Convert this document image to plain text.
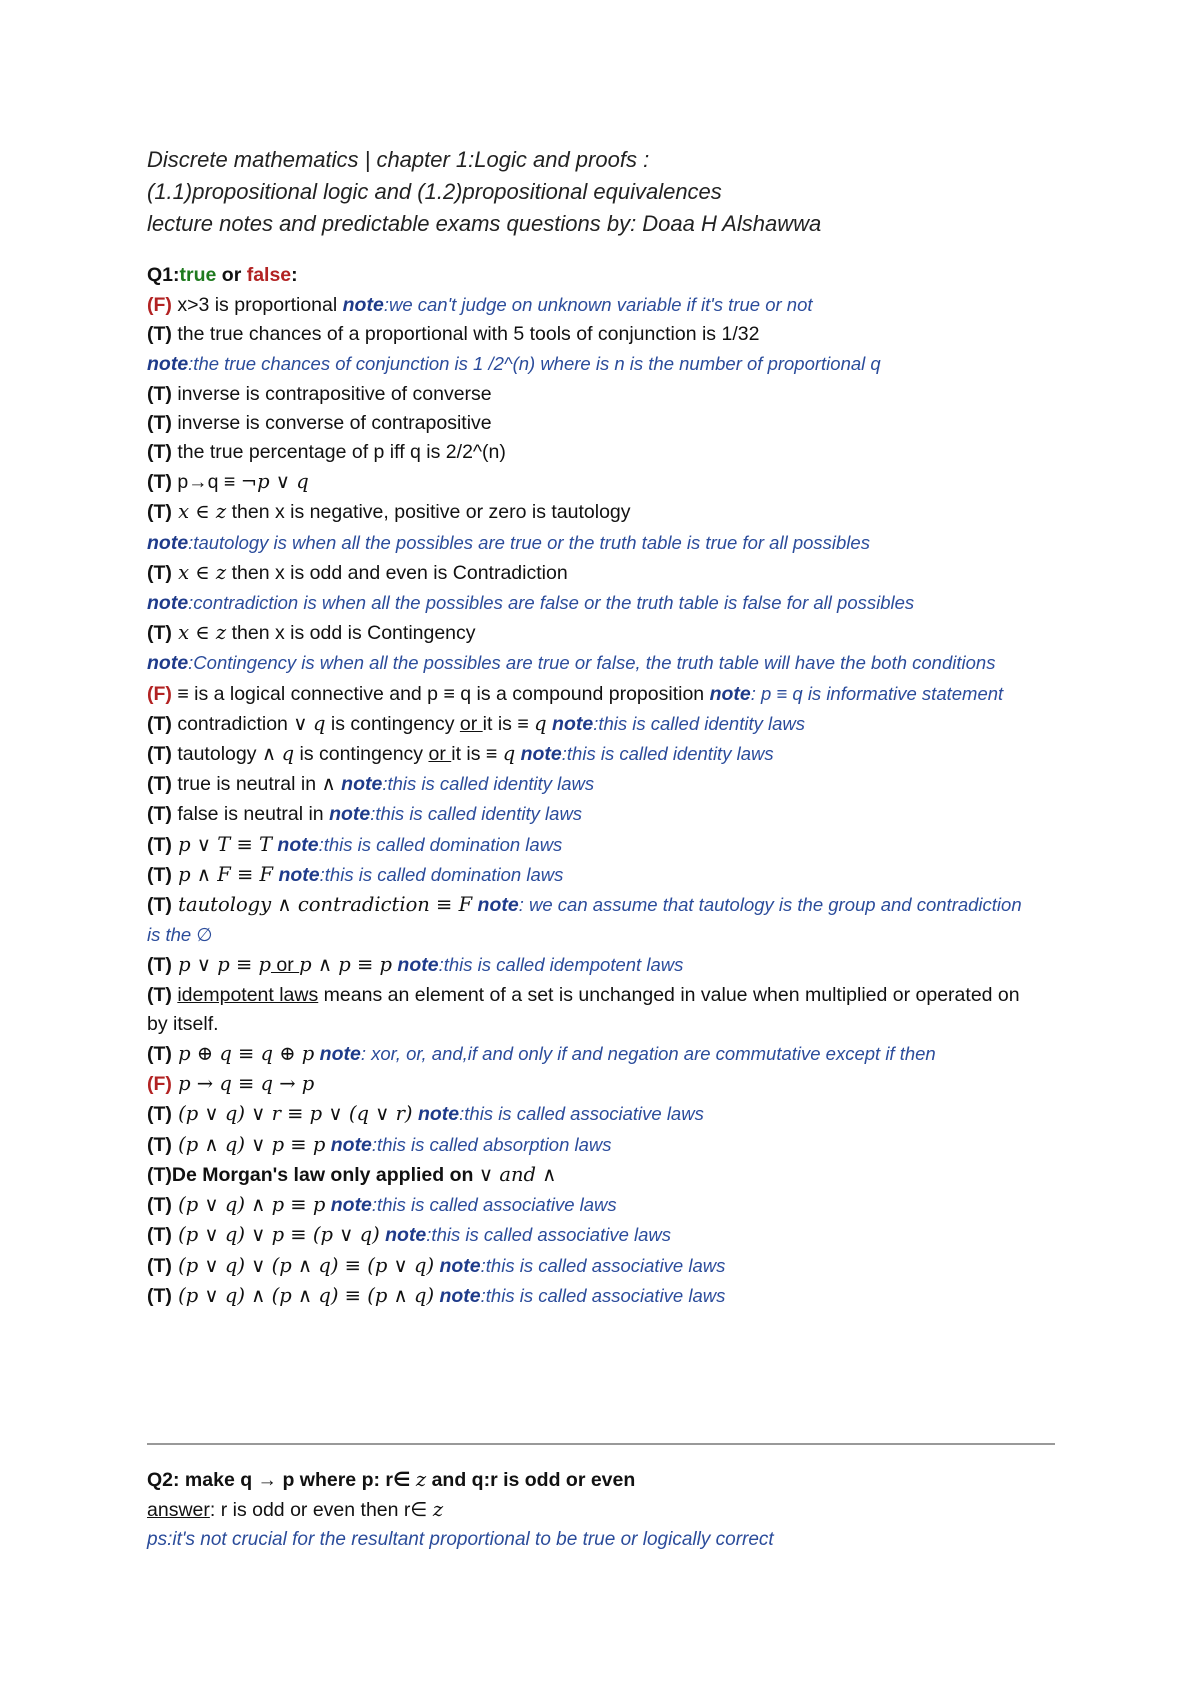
Discrete mathematics | chapter 1:Logic and proofs :
(1.1)propositional logic and (1.2)propositional equivalences
lecture notes and predictable exams questions by: Doaa H Alshawwa
Q1:true or false:
(F) x>3 is proportional note:we can't judge on unknown variable if it's true or not
(T) the true chances of a proportional with 5 tools of conjunction is 1/32
note:the true chances of conjunction is 1 /2^(n) where is n is the number of proportional q
(T) inverse is contrapositive of converse
(T) inverse is converse of contrapositive
(T) the true percentage of p iff q is 2/2^(n)
(T) p→q ≡ ¬p ∨ q
(T) x ∈ z then x is negative, positive or zero is tautology
note:tautology is when all the possibles are true or the truth table is true for all possibles
(T) x ∈ z then x is odd and even is Contradiction
note:contradiction is when all the possibles are false or the truth table is false for all possibles
(T) x ∈ z then x is odd is Contingency
note:Contingency is when all the possibles are true or false, the truth table will have the both conditions
(F) ≡ is a logical connective and p ≡ q is a compound proposition note: p ≡ q is informative statement
(T) contradiction ∨ q is contingency or it is ≡ q note:this is called identity laws
(T) tautology ∧ q is contingency or it is ≡ q note:this is called identity laws
(T) true is neutral in ∧ note:this is called identity laws
(T) false is neutral in note:this is called identity laws
(T) p ∨ T ≡ T note:this is called domination laws
(T) p ∧ F ≡ F note:this is called domination laws
(T) tautology ∧ contradiction ≡ F note: we can assume that tautology is the group and contradiction is the ∅
(T) p ∨ p ≡ p or p ∧ p ≡ p note:this is called idempotent laws
(T) idempotent laws means an element of a set is unchanged in value when multiplied or operated on by itself.
(T) p ⊕ q ≡ q ⊕ p note: xor, or, and,if and only if and negation are commutative except if then
(F) p → q ≡ q → p
(T) (p ∨ q) ∨ r ≡ p ∨ (q ∨ r) note:this is called associative laws
(T) (p ∧ q) ∨ p ≡ p note:this is called absorption laws
(T)De Morgan's law only applied on ∨ and ∧
(T) (p ∨ q) ∧ p ≡ p note:this is called associative laws
(T) (p ∨ q) ∨ p ≡ (p ∨ q) note:this is called associative laws
(T) (p ∨ q) ∨ (p ∧ q) ≡ (p ∨ q) note:this is called associative laws
(T) (p ∨ q) ∧ (p ∧ q) ≡ (p ∧ q) note:this is called associative laws
Q2: make q → p where p: r∈ z and q:r is odd or even
answer: r is odd or even then r∈ z
ps:it's not crucial for the resultant proportional to be true or logically correct
